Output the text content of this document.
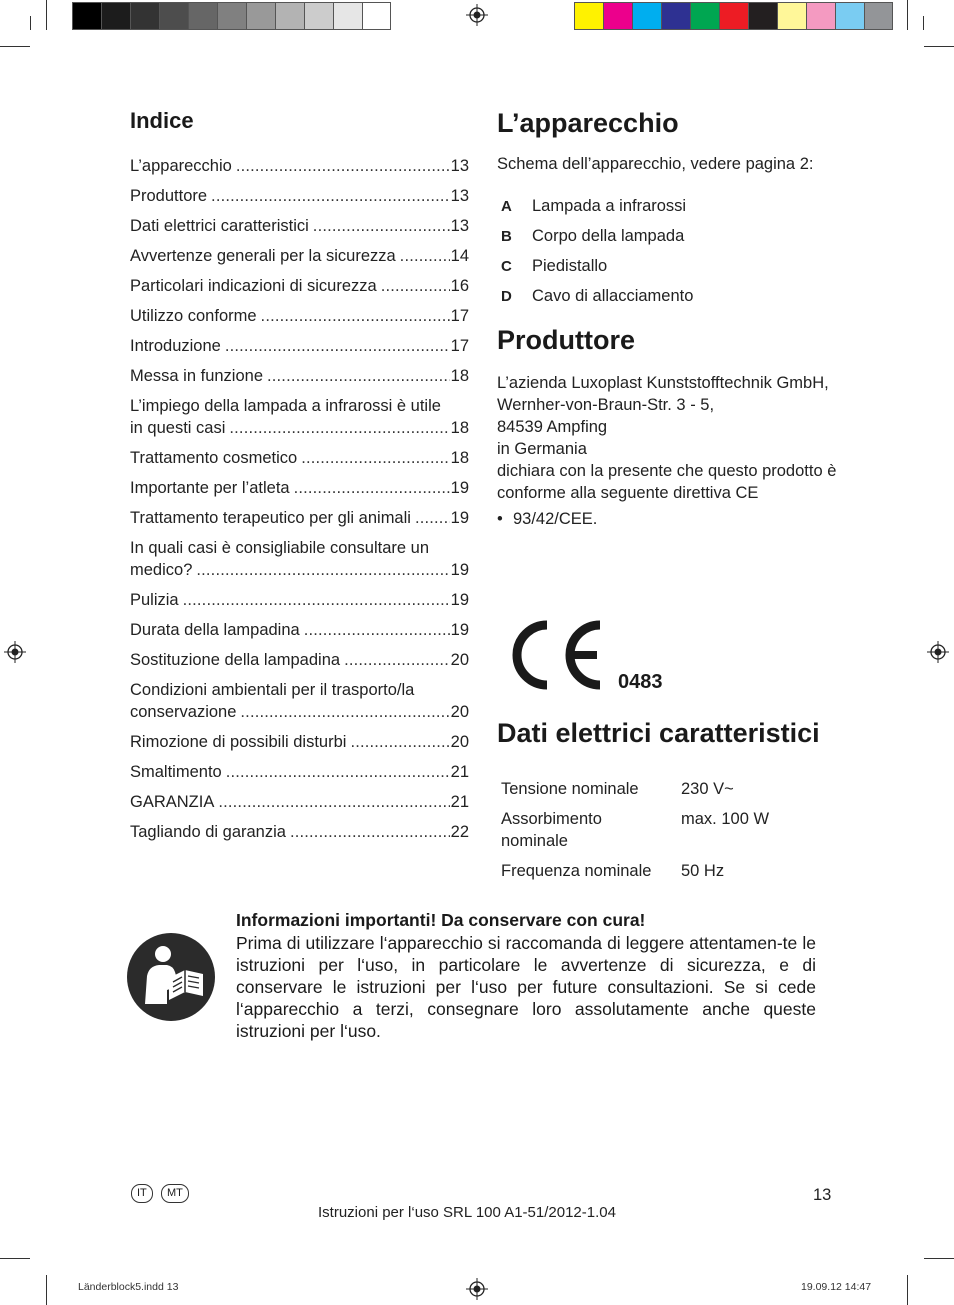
Indice
L’apparecchio . . .	13
Produttore . . .	13
Dati elettrici caratteristici . . .	13
Avvertenze generali per la sicurezza . . .	14
Particolari indicazioni di sicurezza . . .	16
Utilizzo conforme . . .	17
Introduzione . . .	17
Messa in funzione . . .	18
L’impiego della lampada a infrarossi è utile
in questi casi . . .	18
Trattamento cosmetico . . .	18
Importante per l’atleta . . .	19
Trattamento terapeutico per gli animali . . . 19
In quali casi è consigliabile consultare un
medico? . . .	19
Pulizia . . .	19
Durata della lampadina . . .	19
Sostituzione della lampadina . . .	20
Condizioni ambientali per il trasporto/la
conservazione . . .	20
Rimozione di possibili disturbi . . .	20
Smaltimento . . .	21
GARANZIA . . .	21
Tagliando di garanzia . . .	22
L’apparecchio
Schema dell’apparecchio, vedere pagina 2:
A	Lampada a infrarossi
B	Corpo della lampada
C	Piedistallo
D	Cavo di allacciamento
Produttore
L’azienda Luxoplast Kunststofftechnik GmbH,
Wernher-von-Braun-Str. 3 - 5,
84539 Ampfing
in Germania
dichiara con la presente che questo prodotto è conforme alla seguente direttiva CE
• 93/42/CEE.
0483
Dati elettrici caratteristici
Tensione nominale	230 V~
Assorbimento nominale	max. 100 W
Frequenza nominale	50 Hz
Informazioni importanti! Da conservare con cura!
Prima di utilizzare l‘apparecchio si raccomanda di leggere attentamen-te le istruzioni per l‘uso, in particolare le avvertenze di sicurezza, e di conservare le istruzioni per l‘uso per future consultazioni. Se si cede l‘apparecchio a terzi, consegnare loro assolutamente anche queste istruzioni per l‘uso.
IT	MT	13
Istruzioni per l‘uso SRL 100 A1-51/2012-1.04
Länderblock5.indd 13	19.09.12 14:47
